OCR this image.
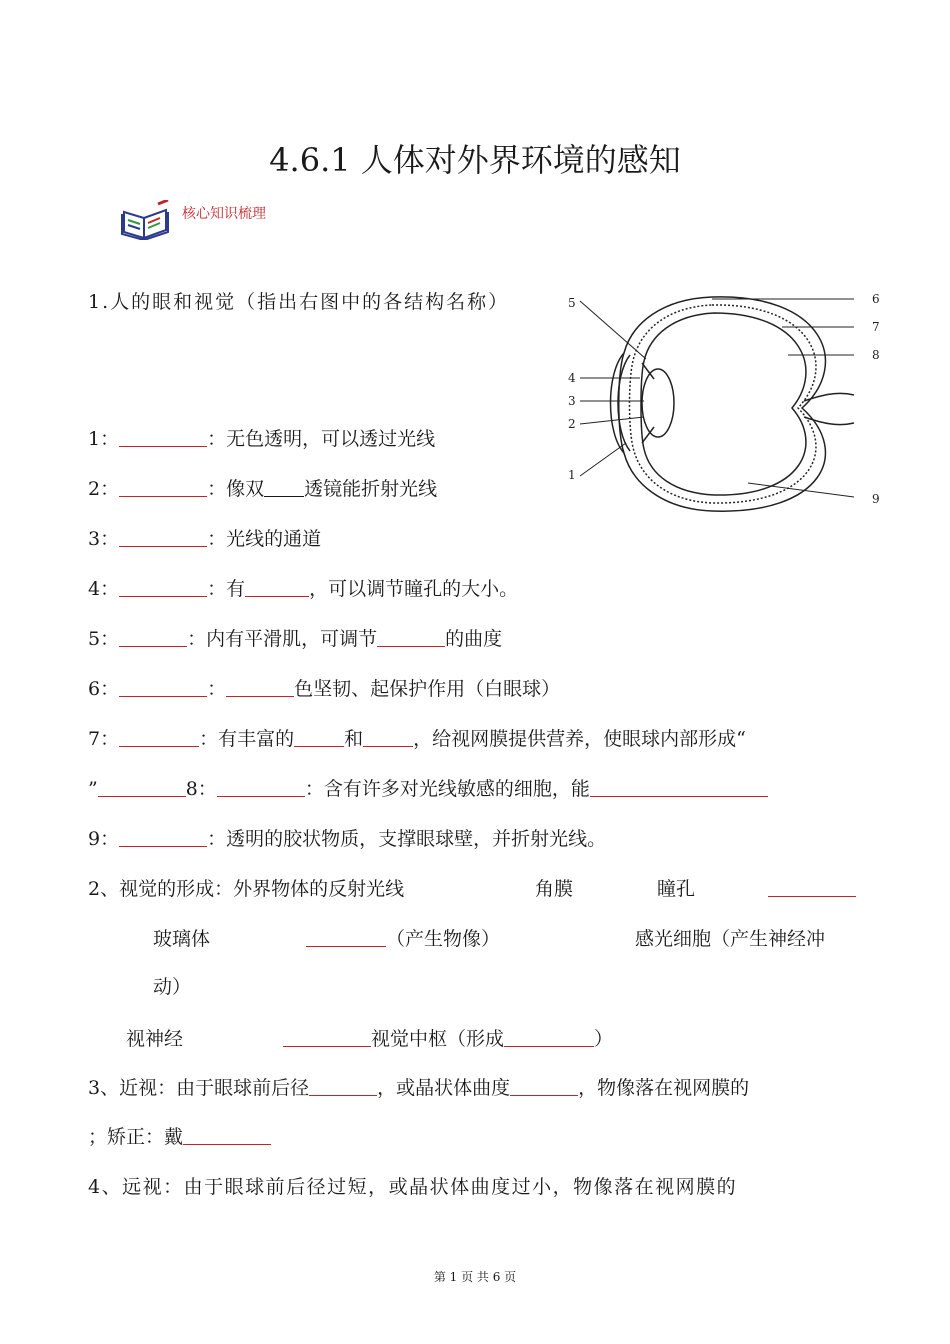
4.6.1 人体对外界环境的感知
核心知识梳理
1.人的眼和视觉（指出右图中的各结构名称）	5
4
3
2
1
6
7
8
9
1：	：无色透明，可以透过光线
2：	：像双 透镜能折射光线
3：	：光线的通道
4：	：有	，可以调节瞳孔的大小。
5：	：内有平滑肌，可调节	的曲度
6：	：	色坚韧、起保护作用（白眼球）
7：	：有丰富的	和	，给视网膜提供营养，使眼球内部形成“
”	8：	：含有许多对光线敏感的细胞，能
9：	：透明的胶状物质，支撑眼球壁，并折射光线。
2、视觉的形成：外界物体的反射光线	角膜	瞳孔
玻璃体	（产生物像）	感光细胞（产生神经冲
动）
视神经	视觉中枢（形成	）
3、近视：由于眼球前后径	，或晶状体曲度	，物像落在视网膜的
；矫正：戴
4、远视：由于眼球前后径过短，或晶状体曲度过小，物像落在视网膜的
第 1 页 共 6 页
